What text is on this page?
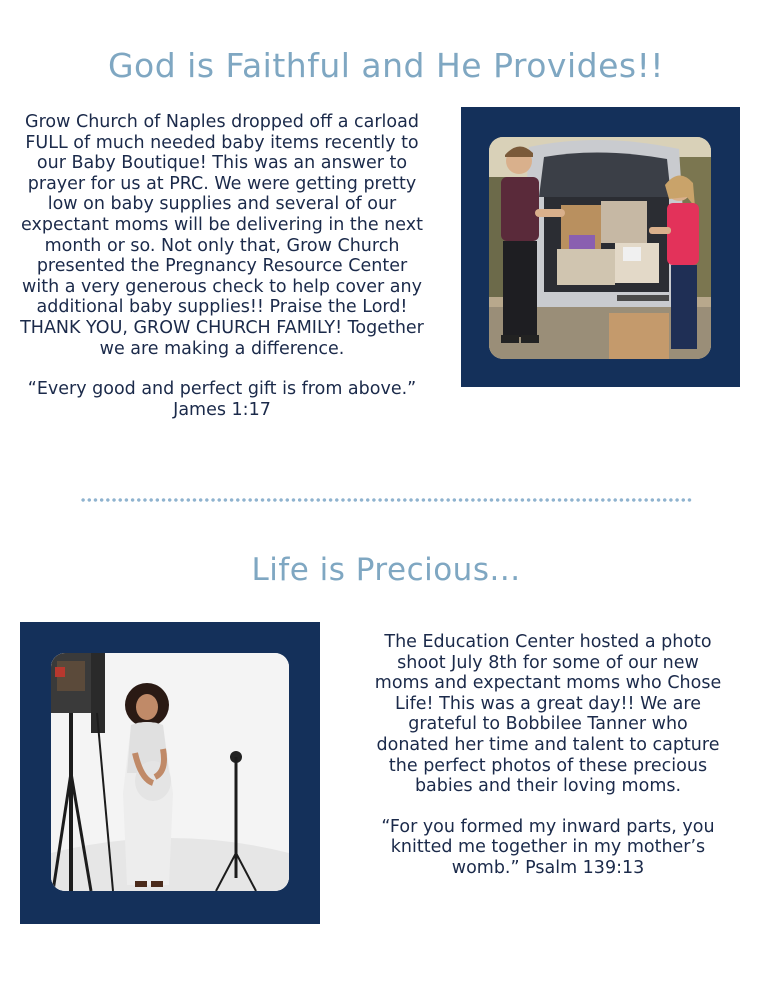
God is Faithful and He Provides!!

Grow Church of Naples dropped off a carload FULL of much needed baby items recently to our Baby Boutique! This was an answer to prayer for us at PRC. We were getting pretty low on baby supplies and several of our expectant moms will be delivering in the next month or so. Not only that, Grow Church presented the Pregnancy Resource Center with a very generous check to help cover any additional baby supplies!! Praise the Lord! THANK YOU, GROW CHURCH FAMILY! Together we are making a difference.

“Every good and perfect gift is from above.” James 1:17

Life is Precious...

The Education Center hosted a photo shoot July 8th for some of our new moms and expectant moms who Chose Life! This was a great day!! We are grateful to Bobbilee Tanner who donated her time and talent to capture the perfect photos of these precious babies and their loving moms.

“For you formed my inward parts, you knitted me together in my mother’s womb.” Psalm 139:13
